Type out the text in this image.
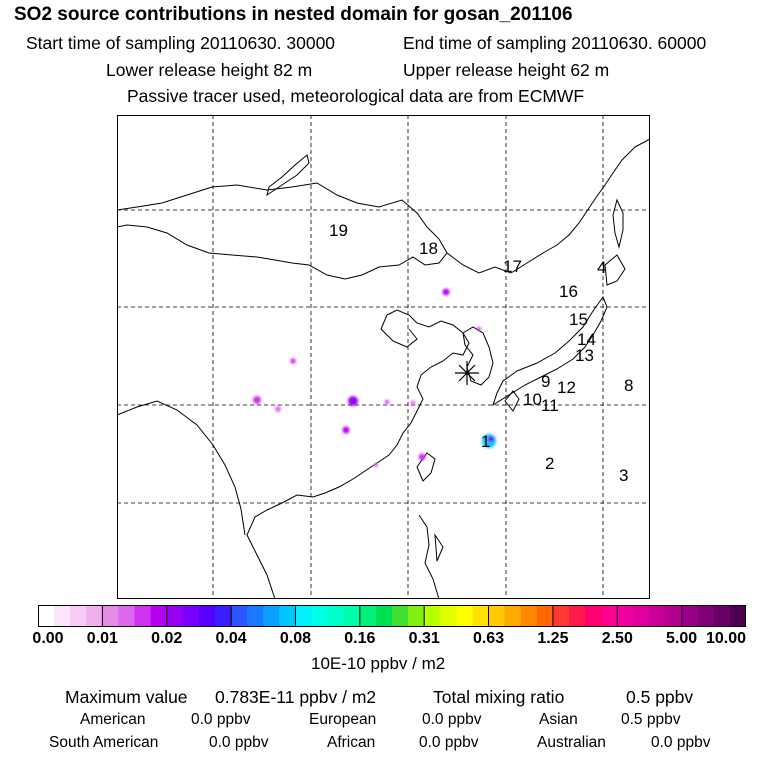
SO2 source contributions in nested domain for gosan_201106
Start time of sampling 20110630. 30000	End time of sampling 20110630. 60000
Lower release height 82 m	Upper release height 62 m
Passive tracer used, meteorological data are from ECMWF
1
2
3
4
8
9
10 11
12
13
14
15
16
17
18
19
0.00 0.01 0.02 0.04 0.08 0.16 0.31 0.63 1.25 2.50 5.00 10.00
10E-10 ppbv / m2
Maximum value 0.783E-11 ppbv / m2	Total mixing ratio	0.5 ppbv
American	0.0 ppbv	European	0.0 ppbv	Asian	0.5 ppbv
South American	0.0 ppbv	African	0.0 ppbv	Australian	0.0 ppbv
